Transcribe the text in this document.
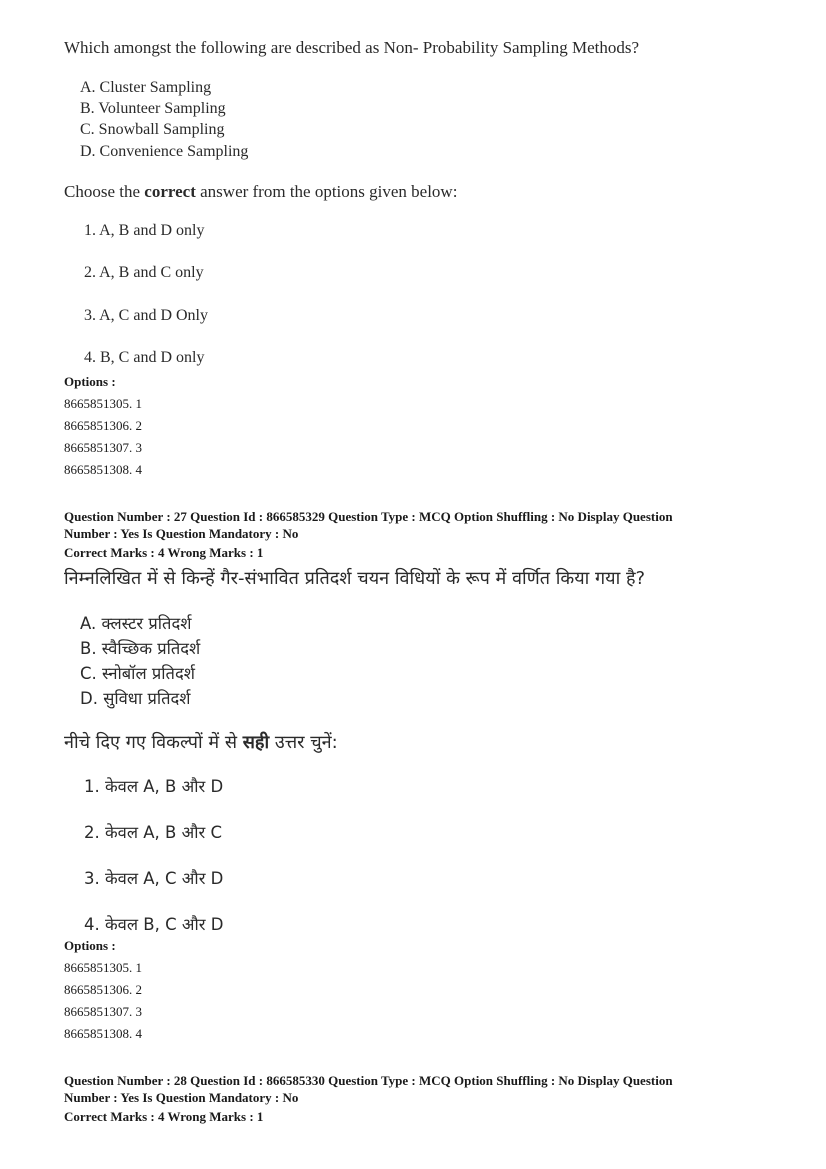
Which amongst the following are described as Non- Probability Sampling Methods?
A. Cluster Sampling
B. Volunteer Sampling
C. Snowball Sampling
D. Convenience Sampling
Choose the correct answer from the options given below:
1. A, B and D only
2. A, B and C only
3. A, C and D Only
4. B, C and D only
Options :
8665851305. 1
8665851306. 2
8665851307. 3
8665851308. 4
Question Number : 27 Question Id : 866585329 Question Type : MCQ Option Shuffling : No Display Question
Number : Yes Is Question Mandatory : No
Correct Marks : 4 Wrong Marks : 1
निम्नलिखित में से किन्हें गैर-संभावित प्रतिदर्श चयन विधियों के रूप में वर्णित किया गया है?
A. क्लस्टर प्रतिदर्श
B. स्वैच्छिक प्रतिदर्श
C. स्नोबॉल प्रतिदर्श
D. सुविधा प्रतिदर्श
नीचे दिए गए विकल्पों में से सही उत्तर चुनें:
1. केवल A, B और D
2. केवल A, B और C
3. केवल A, C और D
4. केवल B, C और D
Options :
8665851305. 1
8665851306. 2
8665851307. 3
8665851308. 4
Question Number : 28 Question Id : 866585330 Question Type : MCQ Option Shuffling : No Display Question
Number : Yes Is Question Mandatory : No
Correct Marks : 4 Wrong Marks : 1
